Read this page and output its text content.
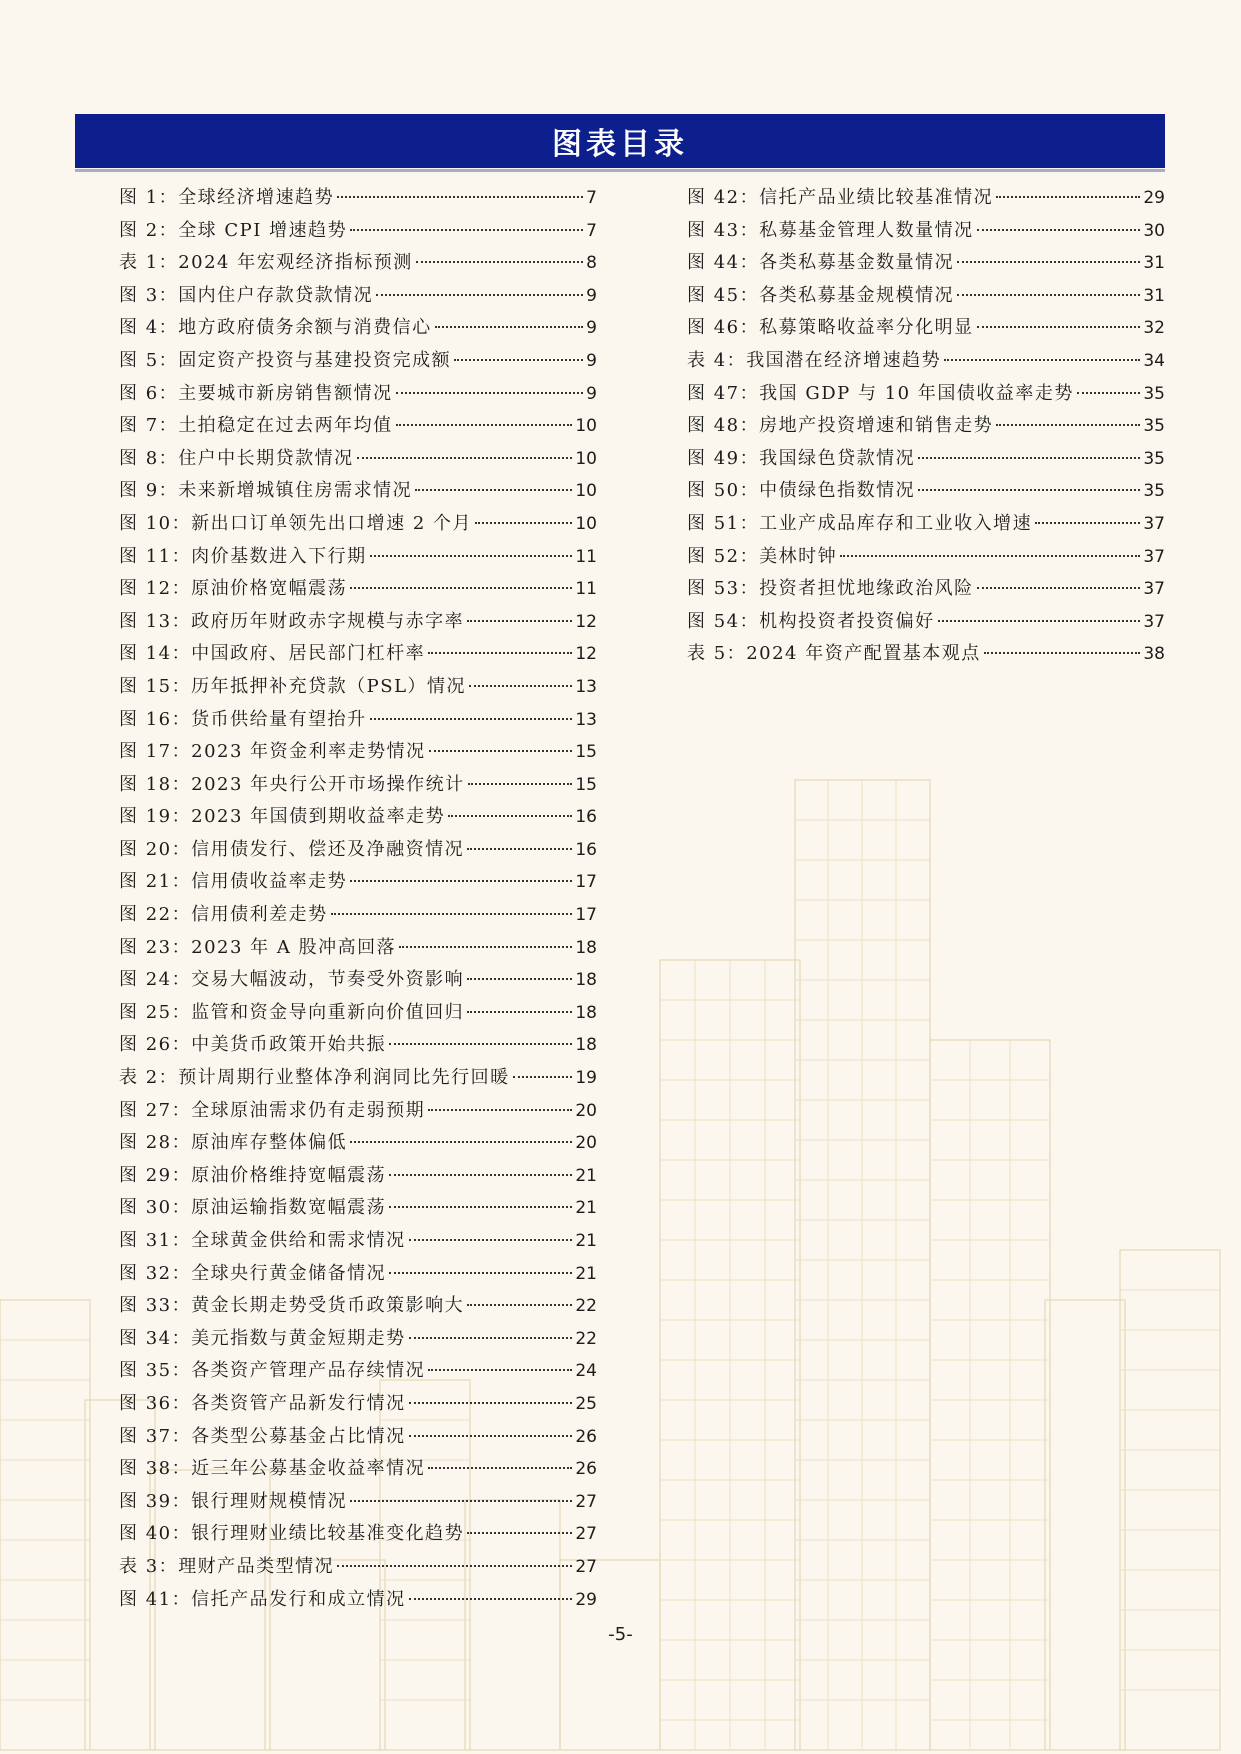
图表目录
图 1： 全球经济增速趋势	7
图 2： 全球 CPI 增速趋势	7
表 1： 2024 年宏观经济指标预测	8
图 3： 国内住户存款贷款情况	9
图 4： 地方政府债务余额与消费信心	9
图 5： 固定资产投资与基建投资完成额	9
图 6： 主要城市新房销售额情况	9
图 7： 土拍稳定在过去两年均值	10
图 8： 住户中长期贷款情况	10
图 9： 未来新增城镇住房需求情况	10
图 10： 新出口订单领先出口增速 2 个月	10
图 11： 肉价基数进入下行期	11
图 12： 原油价格宽幅震荡	11
图 13： 政府历年财政赤字规模与赤字率	12
图 14： 中国政府、居民部门杠杆率	12
图 15： 历年抵押补充贷款（PSL）情况	13
图 16： 货币供给量有望抬升	13
图 17： 2023 年资金利率走势情况	15
图 18： 2023 年央行公开市场操作统计	15
图 19： 2023 年国债到期收益率走势	16
图 20： 信用债发行、偿还及净融资情况	16
图 21： 信用债收益率走势	17
图 22： 信用债利差走势	17
图 23： 2023 年 A 股冲高回落	18
图 24： 交易大幅波动，节奏受外资影响	18
图 25： 监管和资金导向重新向价值回归	18
图 26： 中美货币政策开始共振	18
表 2： 预计周期行业整体净利润同比先行回暖	19
图 27： 全球原油需求仍有走弱预期	20
图 28： 原油库存整体偏低	20
图 29： 原油价格维持宽幅震荡	21
图 30： 原油运输指数宽幅震荡	21
图 31： 全球黄金供给和需求情况	21
图 32： 全球央行黄金储备情况	21
图 33： 黄金长期走势受货币政策影响大	22
图 34： 美元指数与黄金短期走势	22
图 35： 各类资产管理产品存续情况	24
图 36： 各类资管产品新发行情况	25
图 37： 各类型公募基金占比情况	26
图 38： 近三年公募基金收益率情况	26
图 39： 银行理财规模情况	27
图 40： 银行理财业绩比较基准变化趋势	27
表 3： 理财产品类型情况	27
图 41： 信托产品发行和成立情况	29
图 42： 信托产品业绩比较基准情况	29
图 43： 私募基金管理人数量情况	30
图 44： 各类私募基金数量情况	31
图 45： 各类私募基金规模情况	31
图 46： 私募策略收益率分化明显	32
表 4： 我国潜在经济增速趋势	34
图 47： 我国 GDP 与 10 年国债收益率走势	35
图 48： 房地产投资增速和销售走势	35
图 49： 我国绿色贷款情况	35
图 50： 中债绿色指数情况	35
图 51： 工业产成品库存和工业收入增速	37
图 52： 美林时钟	37
图 53： 投资者担忧地缘政治风险	37
图 54： 机构投资者投资偏好	37
表 5： 2024 年资产配置基本观点	38
-5-
